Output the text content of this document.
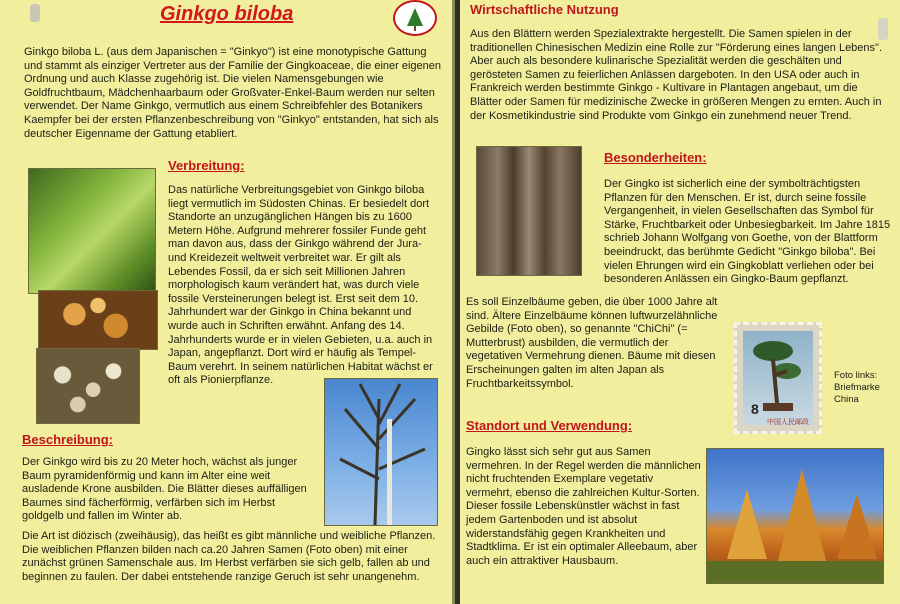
Ginkgo biloba

Ginkgo biloba L. (aus dem Japanischen = "Ginkyo") ist eine monotypische Gattung und stammt als einziger Vertreter aus der Familie der Gingkoaceae, die einer eigenen Ordnung und auch Klasse zugehörig ist. Die vielen Namensgebungen wie Goldfruchtbaum, Mädchenhaarbaum oder Großvater-Enkel-Baum werden nur selten verwendet. Der Name Ginkgo, vermutlich aus einem Schreibfehler des Botanikers Kaempfer bei der ersten Pflanzenbeschreibung von "Ginkyo" entstanden, hat sich als deutscher Eigenname der Gattung etabliert.

Verbreitung:

Das natürliche Verbreitungsgebiet von Ginkgo biloba liegt vermutlich im Südosten Chinas. Er besiedelt dort Standorte an unzugänglichen Hängen bis zu 1600 Metern Höhe. Aufgrund mehrerer fossiler Funde geht man davon aus, dass der Ginkgo während der Jura- und Kreidezeit weltweit verbreitet war. Er gilt als Lebendes Fossil, da er sich seit Millionen Jahren morphologisch kaum verändert hat, was durch viele fossile Versteinerungen belegt ist. Erst seit dem 10. Jahrhundert war der Ginkgo in China bekannt und wurde auch in Schriften erwähnt. Anfang des 14. Jahrhunderts wurde er in vielen Gebieten, u.a. auch in Japan, angepflanzt. Dort wird er häufig als Tempel-Baum verehrt. In seinem natürlichen Habitat wächst er oft als Pionierpflanze.

Beschreibung:

Der Ginkgo wird bis zu 20 Meter hoch, wächst als junger Baum pyramidenförmig und kann im Alter eine weit ausladende Krone ausbilden. Die Blätter dieses auffälligen Baumes sind fächerförmig, verfärben sich im Herbst goldgelb und fallen im Winter ab.

Die Art ist diözisch (zweihäusig), das heißt es gibt männliche und weibliche Pflanzen. Die weiblichen Pflanzen bilden nach ca.20 Jahren Samen (Foto oben) mit einer zunächst grünen Samenschale aus. Im Herbst verfärben sie sich gelb, fallen ab und beginnen zu faulen. Der dabei entstehende ranzige Geruch ist sehr unangenehm.

Wirtschaftliche Nutzung

Aus den Blättern werden Spezialextrakte hergestellt. Die Samen spielen in der traditionellen Chinesischen Medizin eine Rolle zur "Förderung eines langen Lebens". Aber auch als besondere kulinarische Spezialität werden die geschälten und gerösteten Samen zu feierlichen Anlässen dargeboten. In den USA oder auch in Frankreich werden bestimmte Ginkgo - Kultivare in Plantagen angebaut, um die Blätter oder Samen für medizinische Zwecke in größeren Mengen zu ernten. Auch in der Kosmetikindustrie sind Produkte vom Ginkgo ein zunehmend neuer Trend.

Besonderheiten:

Der Gingko ist sicherlich eine der symbolträchtigsten Pflanzen für den Menschen. Er ist, durch seine fossile Vergangenheit, in vielen Gesellschaften das Symbol für Stärke, Fruchtbarkeit oder Unbesiegbarkeit. Im Jahre 1815 schrieb Johann Wolfgang von Goethe, von der Blattform beeindruckt, das berühmte Gedicht "Ginkgo biloba". Bei vielen Ehrungen wird ein Gingkoblatt verliehen oder bei besonderen Anlässen ein Gingko-Baum gepflanzt.

Es soll Einzelbäume geben, die über 1000 Jahre alt sind. Ältere Einzelbäume können luftwurzelähnliche Gebilde (Foto oben), so genannte "ChiChi" (= Mutterbrust) ausbilden, die vermutlich der vegetativen Vermehrung dienen. Bäume mit diesen Erscheinungen galten im alten Japan als Fruchtbarkeitssymbol.

8
中国人民邮政
Foto links: Briefmarke China
Standort und Verwendung:

Gingko lässt sich sehr gut aus Samen vermehren. In der Regel werden die männlichen nicht fruchtenden Exemplare vegetativ vermehrt, ebenso die zahlreichen Kultur-Sorten. Dieser fossile Lebenskünstler wächst in fast jedem Gartenboden und ist absolut widerstandsfähig gegen Krankheiten und Stadtklima. Er ist ein optimaler Alleebaum, aber auch ein attraktiver Hausbaum.
